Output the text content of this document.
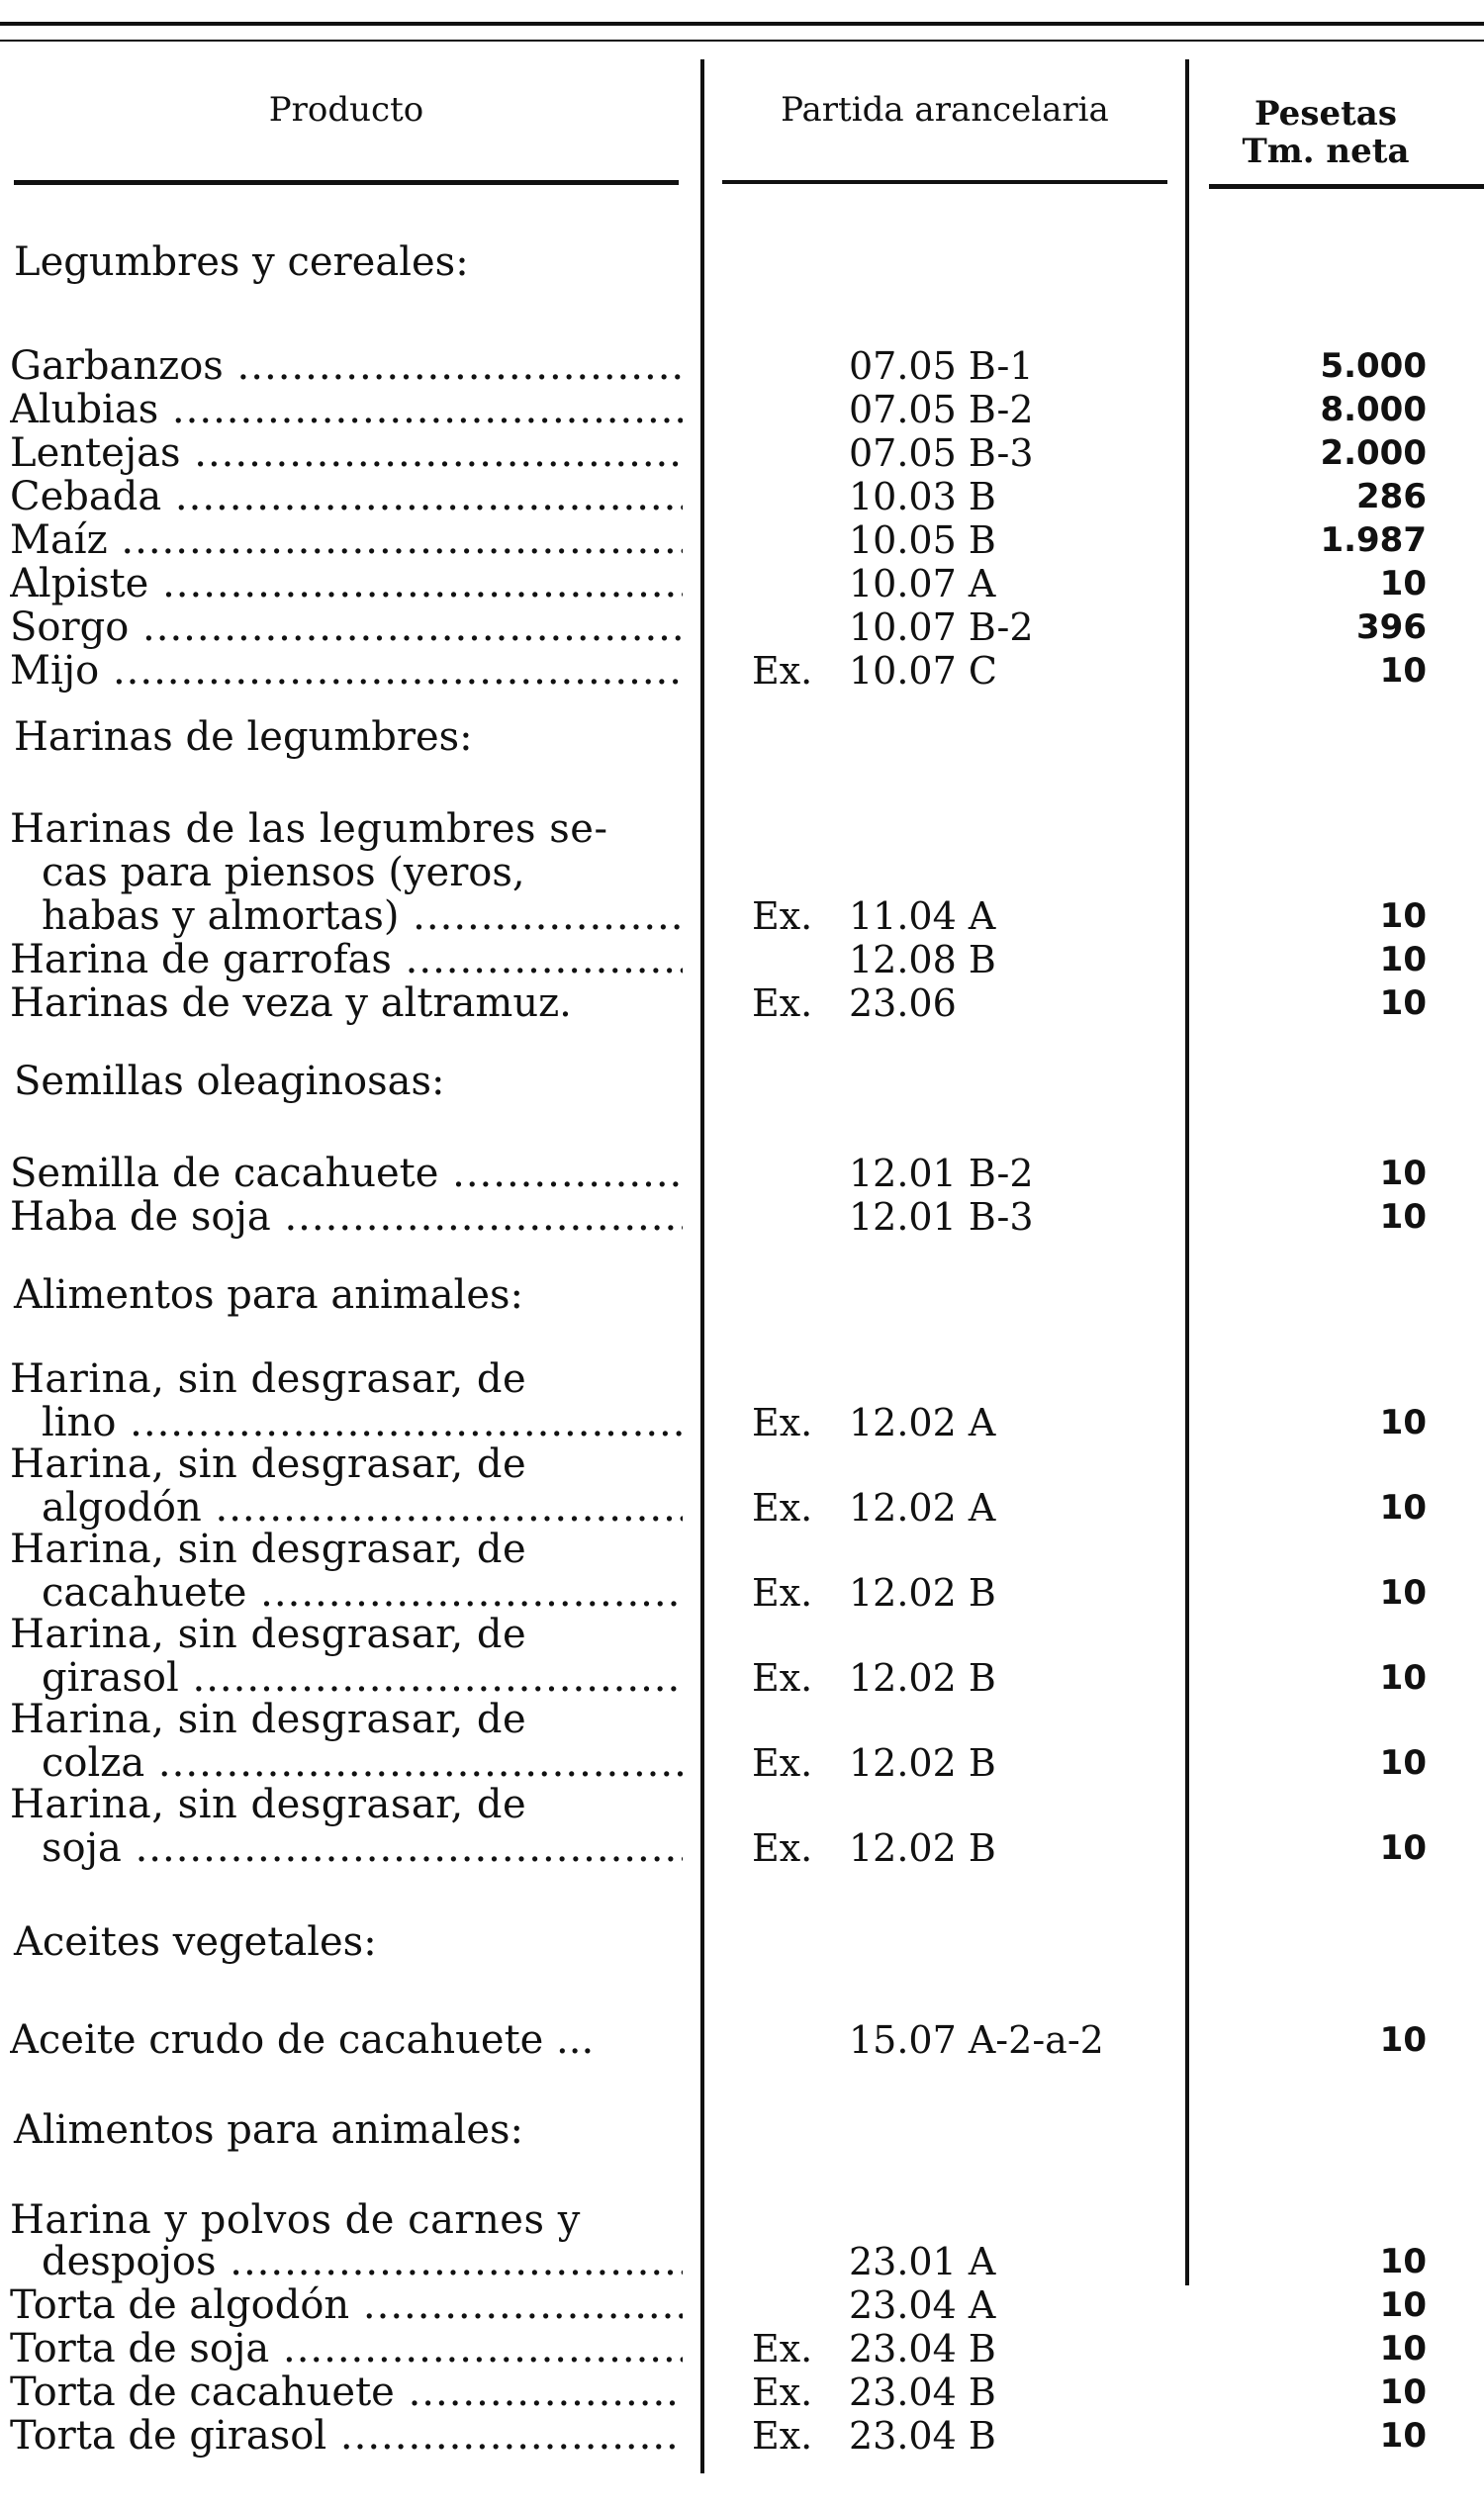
Producto	Partida arancelaria	Pesetas
Tm. neta
Legumbres y cereales:
Garbanzos .....	07.05 B-1	5.000
Alubias .....	07.05 B-2	8.000
Lentejas .....	07.05 B-3	2.000
Cebada .....	10.03 B	286
Maíz .....	10.05 B	1.987
Alpiste .....	10.07 A	10
Sorgo .....	10.07 B-2	396
Mijo .....	Ex. 10.07 C	10
Harinas de legumbres:
Harinas de las legumbres se-
cas para piensos (yeros,
habas y almortas) .....	Ex. 11.04 A	10
Harina de garrofas .....	12.08 B	10
Harinas de veza y altramuz.	Ex. 23.06	10
Semillas oleaginosas:
Semilla de cacahuete .....	12.01 B-2	10
Haba de soja .....	12.01 B-3	10
Alimentos para animales:
Harina, sin desgrasar, de
lino .....	Ex. 12.02 A	10
Harina, sin desgrasar, de
algodón .....	Ex. 12.02 A	10
Harina, sin desgrasar, de
cacahuete .....	Ex. 12.02 B	10
Harina, sin desgrasar, de
girasol .....	Ex. 12.02 B	10
Harina, sin desgrasar, de
colza .....	Ex. 12.02 B	10
Harina, sin desgrasar, de
soja .....	Ex. 12.02 B	10
Aceites vegetales:
Aceite crudo de cacahuete ...	15.07 A-2-a-2	10
Alimentos para animales:
Harina y polvos de carnes y
despojos .....	23.01 A	10
Torta de algodón .....	23.04 A	10
Torta de soja .....	Ex. 23.04 B	10
Torta de cacahuete .....	Ex. 23.04 B	10
Torta de girasol .....	Ex. 23.04 B	10
